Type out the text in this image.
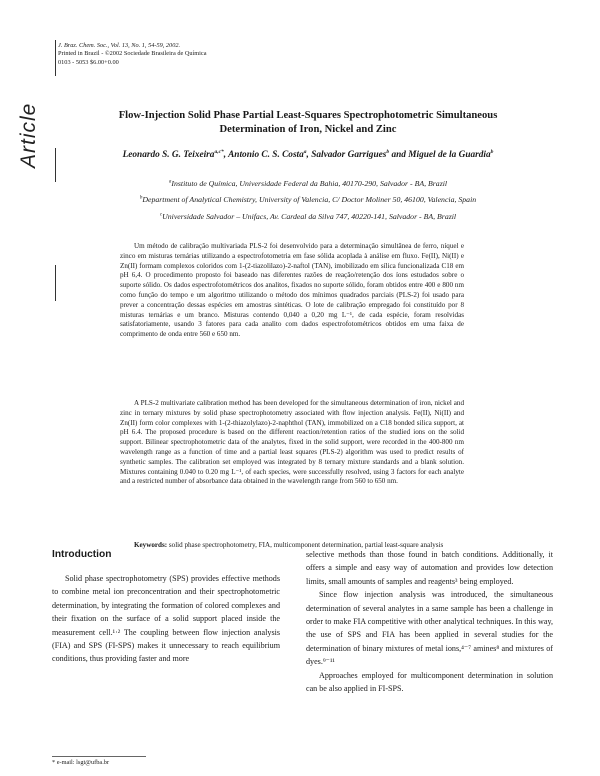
J. Braz. Chem. Soc., Vol. 13, No. 1, 54-59, 2002.
Printed in Brazil - ©2002 Sociedade Brasileira de Química
0103 - 5053 $6.00+0.00
Article	Flow-Injection Solid Phase Partial Least-Squares Spectrophotometric Simultaneous
Determination of Iron, Nickel and Zinc
Leonardo S. G. Teixeira$^{a,c*}$, Antonio C. S. Costa$^a$, Salvador Garrigues$^b$ and Miguel de la Guardia$^b$
$^a$Instituto de Química, Universidade Federal da Bahia, 40170-290, Salvador - BA, Brazil
$^b$Department of Analytical Chemistry, University of Valencia, C/ Doctor Moliner 50, 46100, Valencia, Spain
$^c$Universidade Salvador – Unifacs, Av. Cardeal da Silva 747, 40220-141, Salvador - BA, Brazil
Um método de calibração multivariada PLS-2 foi desenvolvido para a determinação simultânea de ferro, níquel e zinco em misturas ternárias utilizando a espectrofotometria em fase sólida acoplada à análise em fluxo. Fe(II), Ni(II) e Zn(II) formam complexos coloridos com 1-(2-tiazolilazo)-2-naftol (TAN), imobilizado em sílica funcionalizada C18 em pH 6,4. O procedimento proposto foi baseado nas diferentes razões de reação/retenção dos íons estudados sobre o suporte sólido. Os dados espectrofotométricos dos analitos, fixados no suporte sólido, foram obtidos entre 400 e 800 nm como função do tempo e um algoritmo utilizando o método dos mínimos quadrados parciais (PLS-2) foi usado para prever a concentração dessas espécies em amostras sintéticas. O lote de calibração empregado foi constituído por 8 misturas ternárias e um branco. Misturas contendo 0,040 a 0,20 mg L⁻¹, de cada espécie, foram resolvidas satisfatoriamente, usando 3 fatores para cada analito com dados espectrofotométricos obtidos em uma faixa de comprimento de onda entre 560 e 650 nm.
A PLS-2 multivariate calibration method has been developed for the simultaneous determination of iron, nickel and zinc in ternary mixtures by solid phase spectrophotometry associated with flow injection analysis. Fe(II), Ni(II) and Zn(II) form color complexes with 1-(2-thiazolylazo)-2-naphthol (TAN), immobilized on a C18 bonded silica support, at pH 6.4. The proposed procedure is based on the different reaction/retention ratios of the studied ions on the solid support. Bilinear spectrophotometric data of the analytes, fixed in the solid support, were recorded in the 400-800 nm wavelength range as a function of time and a partial least squares (PLS-2) algorithm was used to predict results of synthetic samples. The calibration set employed was integrated by 8 ternary mixture standards and a blank solution. Mixtures containing 0.040 to 0.20 mg L⁻¹, of each species, were successfully resolved, using 3 factors for each analyte and a restricted number of absorbance data obtained in the wavelength range from 560 to 650 nm.
Keywords: solid phase spectrophotometry, FIA, multicomponent determination, partial least-square analysis
Introduction

Solid phase spectrophotometry (SPS) provides effective methods to combine metal ion preconcentration and their spectrophotometric determination, by integrating the formation of colored complexes and their fixation on the surface of a solid support placed inside the measurement cell.¹·² The coupling between flow injection analysis (FIA) and SPS (FI-SPS) makes it unnecessary to reach equilibrium conditions, thus providing faster and more

selective methods than those found in batch conditions. Additionally, it offers a simple and easy way of automation and provides low detection limits, small amounts of samples and reagents³ being employed.

Since flow injection analysis was introduced, the simultaneous determination of several analytes in a same sample has been a challenge in order to make FIA competitive with other analytical techniques. In this way, the use of SPS and FIA has been applied in several studies for the determination of binary mixtures of metal ions,⁴⁻⁷ amines⁸ and mixtures of dyes.⁹⁻¹¹

Approaches employed for multicomponent determination in solution can be also applied in FI-SPS.

* e-mail: lsgt@ufba.br
